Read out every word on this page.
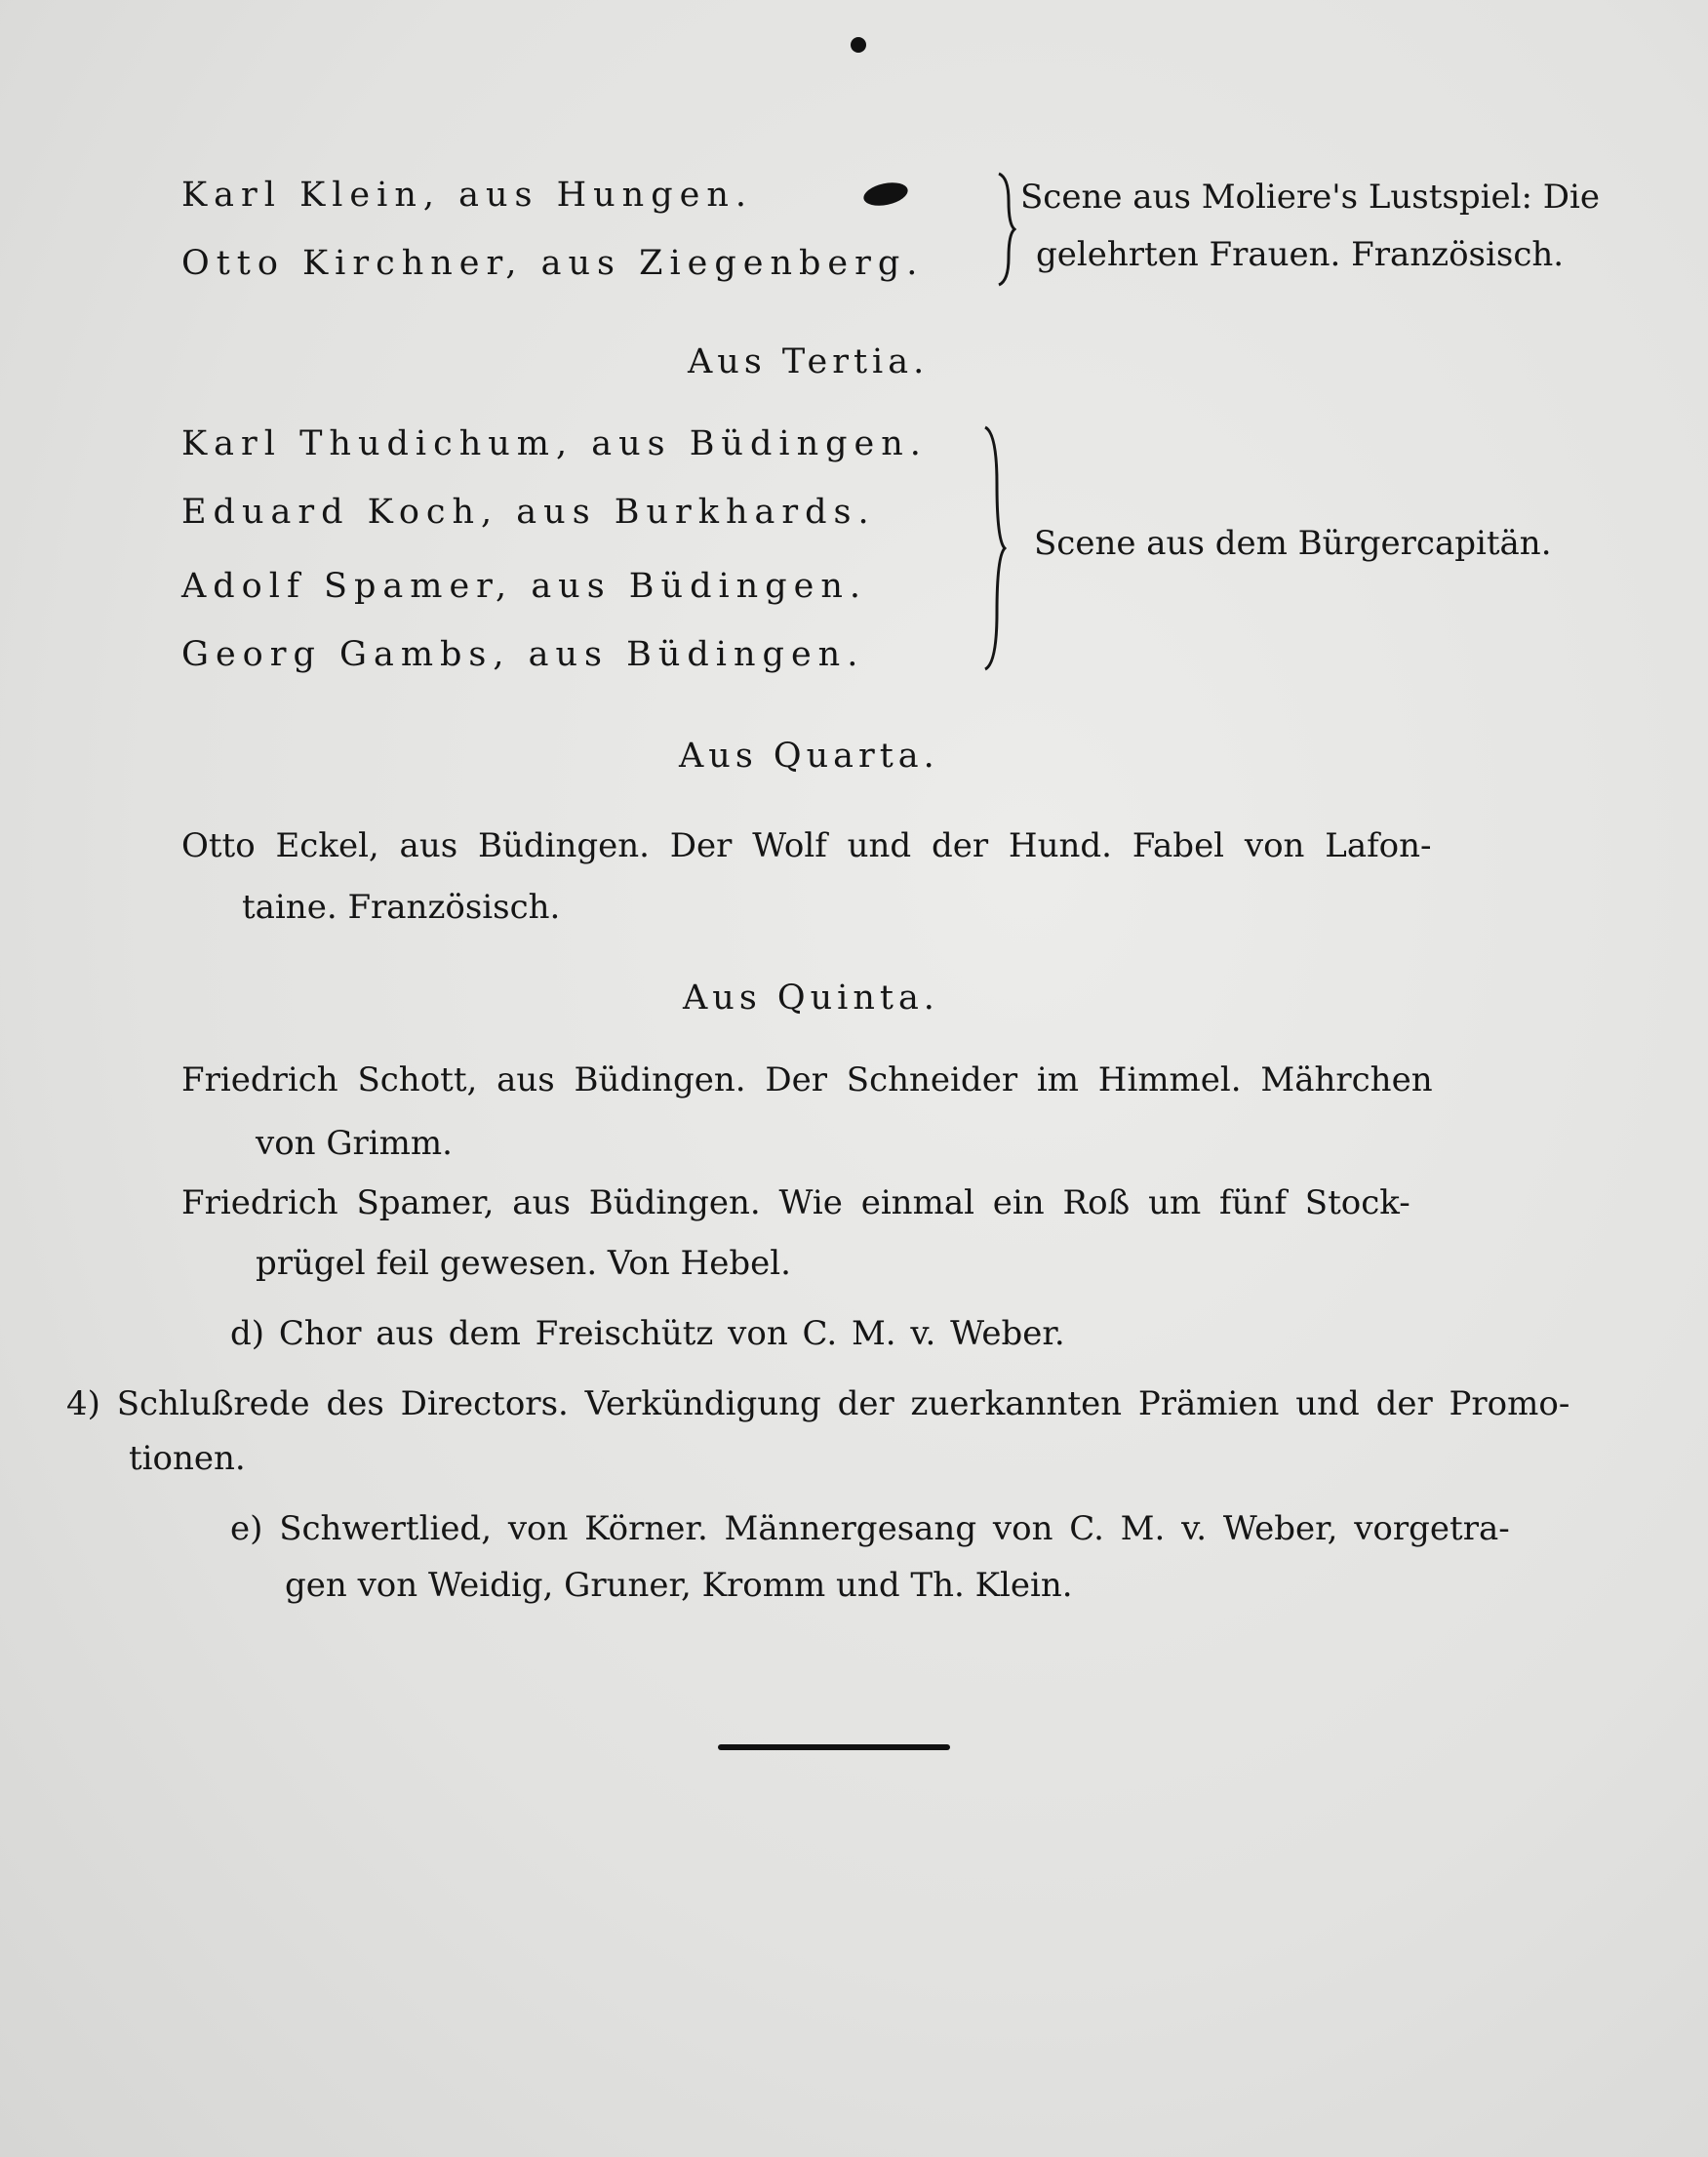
Karl Klein, aus Hungen.
Otto Kirchner, aus Ziegenberg.
Scene aus Moliere's Lustspiel: Die
gelehrten Frauen. Französisch.
Aus Tertia.
Karl Thudichum, aus Büdingen.
Eduard Koch, aus Burkhards.
Adolf Spamer, aus Büdingen.
Georg Gambs, aus Büdingen.
Scene aus dem Bürgercapitän.
Aus Quarta.
Otto Eckel, aus Büdingen. Der Wolf und der Hund. Fabel von Lafon-
taine. Französisch.
Aus Quinta.
Friedrich Schott, aus Büdingen. Der Schneider im Himmel. Mährchen
von Grimm.
Friedrich Spamer, aus Büdingen. Wie einmal ein Roß um fünf Stock-
prügel feil gewesen. Von Hebel.
d) Chor aus dem Freischütz von C. M. v. Weber.
4) Schlußrede des Directors. Verkündigung der zuerkannten Prämien und der Promo-
tionen.
e) Schwertlied, von Körner. Männergesang von C. M. v. Weber, vorgetra-
gen von Weidig, Gruner, Kromm und Th. Klein.
